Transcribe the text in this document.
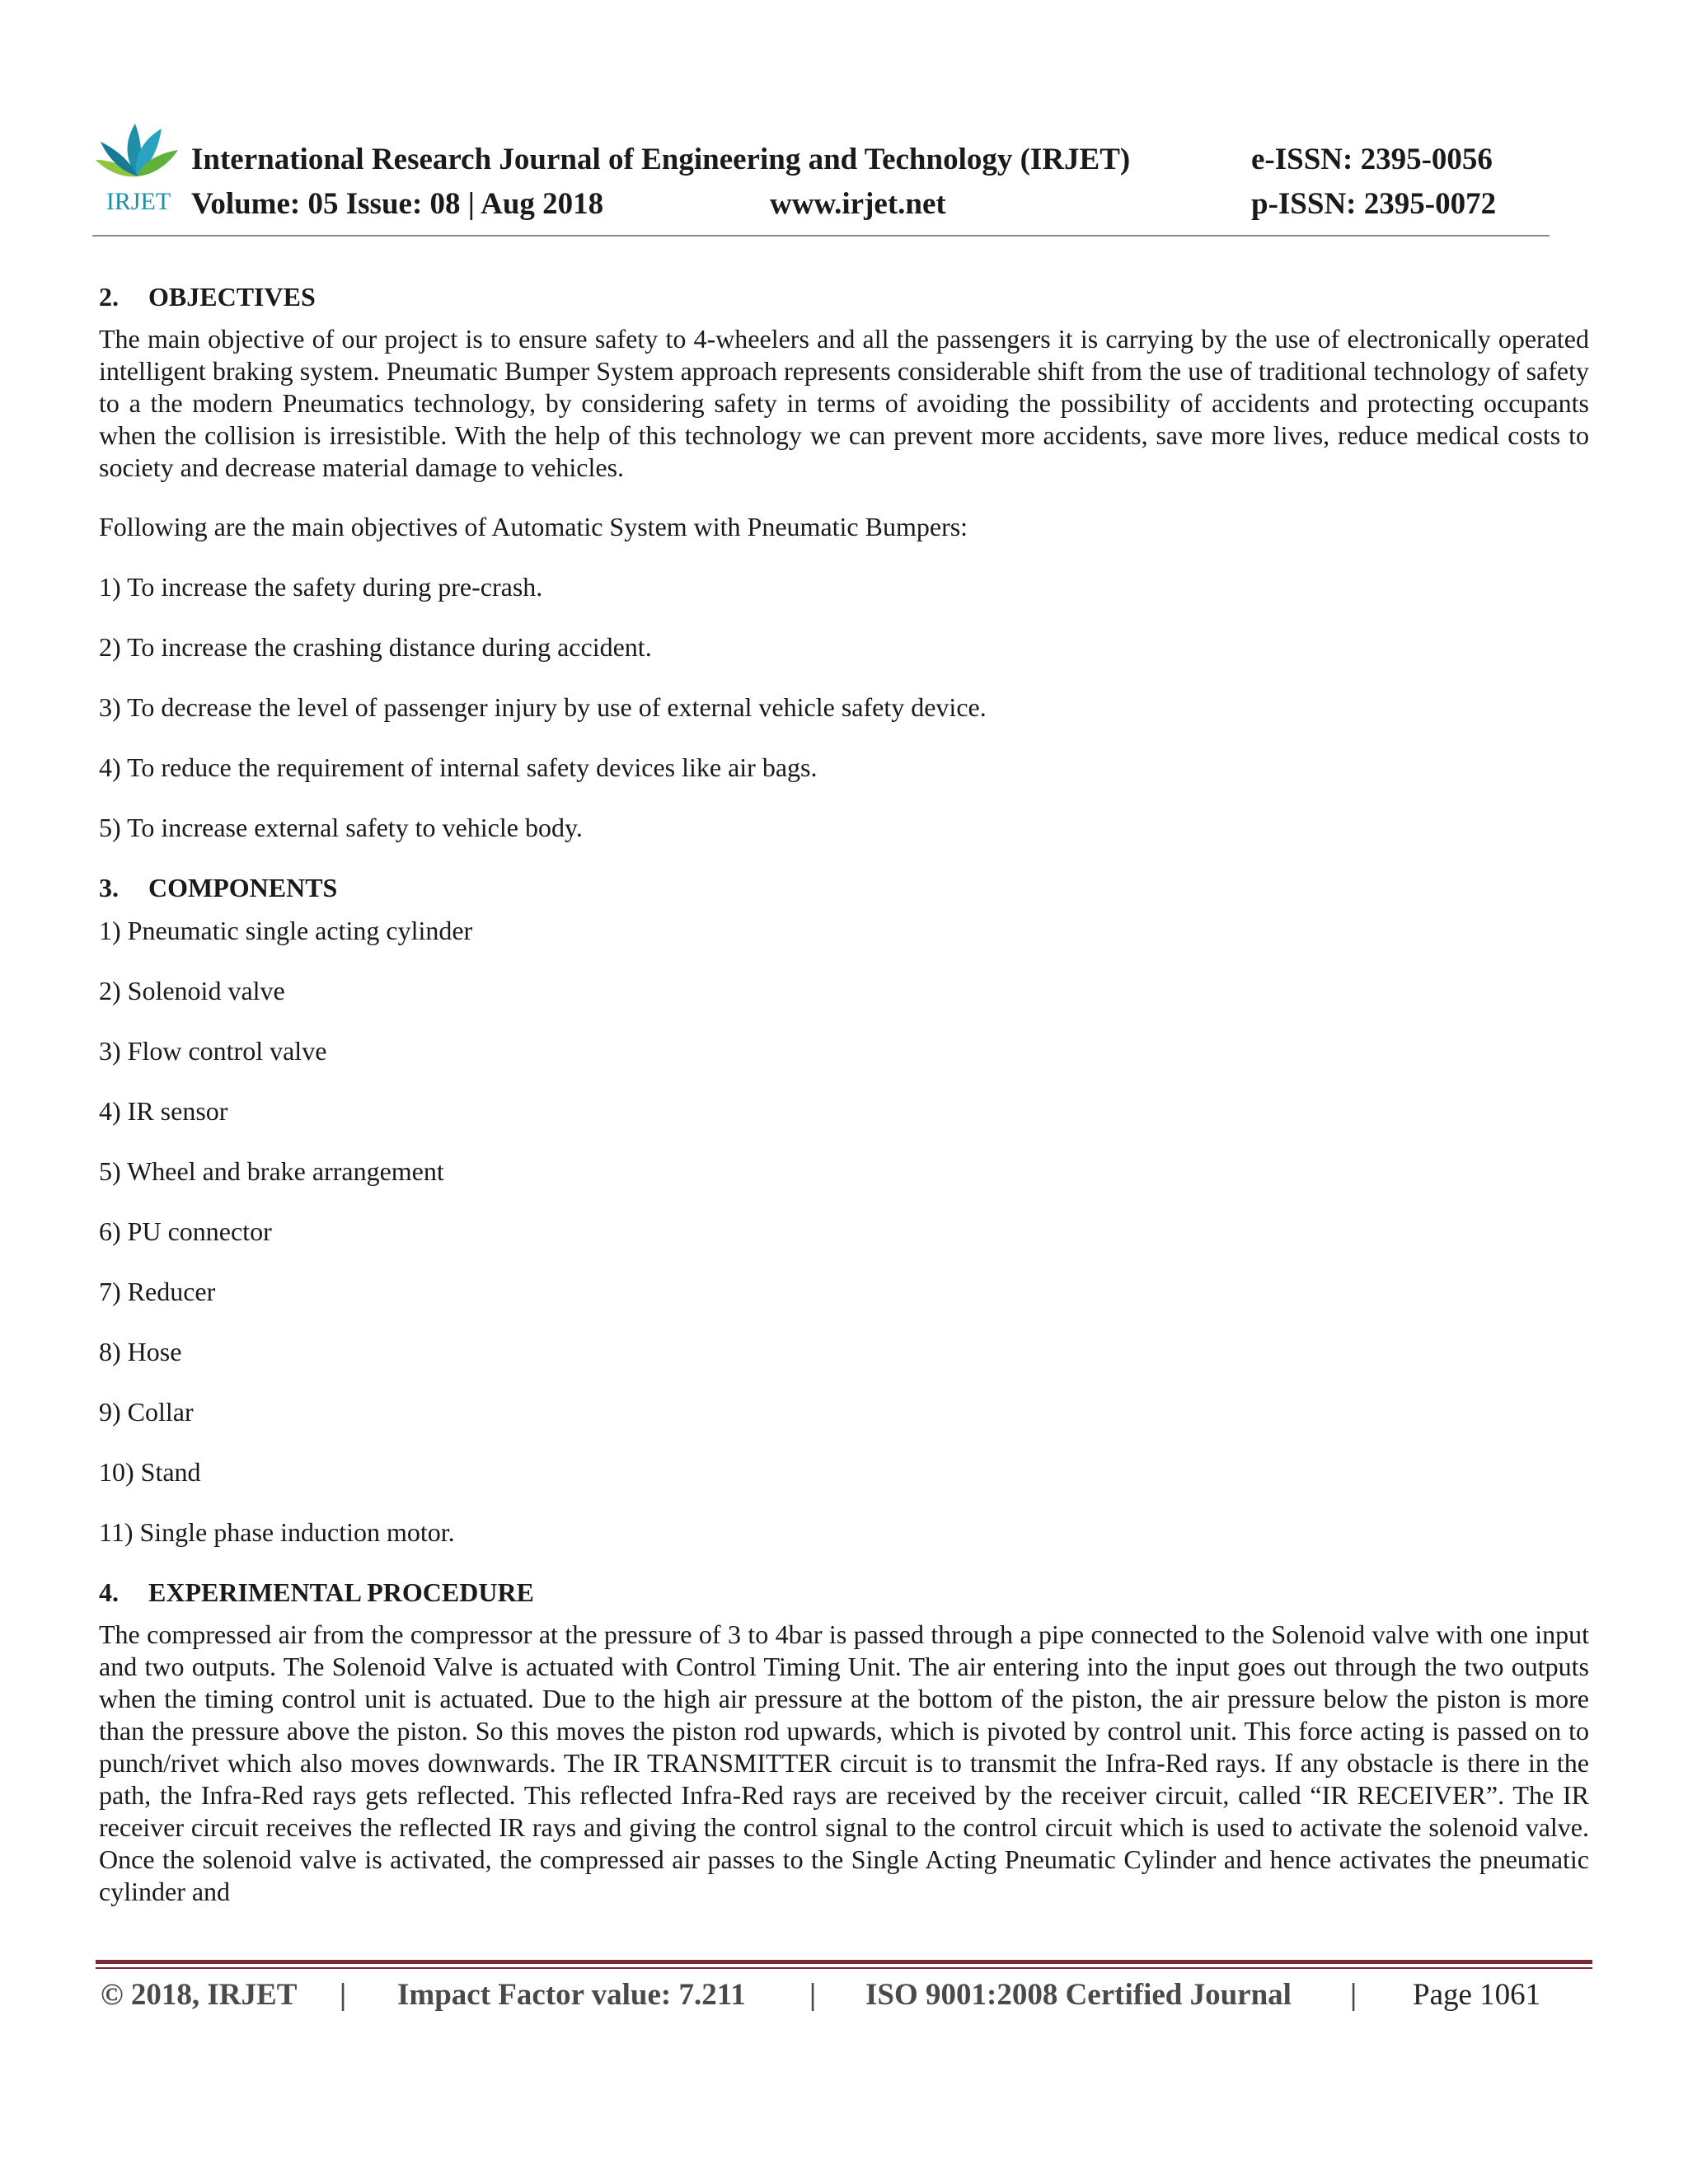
IRJET
International Research Journal of Engineering and Technology (IRJET)
Volume: 05 Issue: 08 | Aug 2018	www.irjet.net
e-ISSN: 2395-0056
p-ISSN: 2395-0072
2. OBJECTIVES

The main objective of our project is to ensure safety to 4-wheelers and all the passengers it is carrying by the use of electronically operated intelligent braking system. Pneumatic Bumper System approach represents considerable shift from the use of traditional technology of safety to a the modern Pneumatics technology, by considering safety in terms of avoiding the possibility of accidents and protecting occupants when the collision is irresistible. With the help of this technology we can prevent more accidents, save more lives, reduce medical costs to society and decrease material damage to vehicles.

Following are the main objectives of Automatic System with Pneumatic Bumpers:
1) To increase the safety during pre-crash.
2) To increase the crashing distance during accident.
3) To decrease the level of passenger injury by use of external vehicle safety device.
4) To reduce the requirement of internal safety devices like air bags.
5) To increase external safety to vehicle body.
3. COMPONENTS
1) Pneumatic single acting cylinder
2) Solenoid valve
3) Flow control valve
4) IR sensor
5) Wheel and brake arrangement
6) PU connector
7) Reducer
8) Hose
9) Collar
10) Stand
11) Single phase induction motor.
4. EXPERIMENTAL PROCEDURE

The compressed air from the compressor at the pressure of 3 to 4bar is passed through a pipe connected to the Solenoid valve with one input and two outputs. The Solenoid Valve is actuated with Control Timing Unit. The air entering into the input goes out through the two outputs when the timing control unit is actuated. Due to the high air pressure at the bottom of the piston, the air pressure below the piston is more than the pressure above the piston. So this moves the piston rod upwards, which is pivoted by control unit. This force acting is passed on to punch/rivet which also moves downwards. The IR TRANSMITTER circuit is to transmit the Infra-Red rays. If any obstacle is there in the path, the Infra-Red rays gets reflected. This reflected Infra-Red rays are received by the receiver circuit, called “IR RECEIVER”. The IR receiver circuit receives the reflected IR rays and giving the control signal to the control circuit which is used to activate the solenoid valve. Once the solenoid valve is activated, the compressed air passes to the Single Acting Pneumatic Cylinder and hence activates the pneumatic cylinder and

© 2018, IRJET | Impact Factor value: 7.211 | ISO 9001:2008 Certified Journal | Page 1061
